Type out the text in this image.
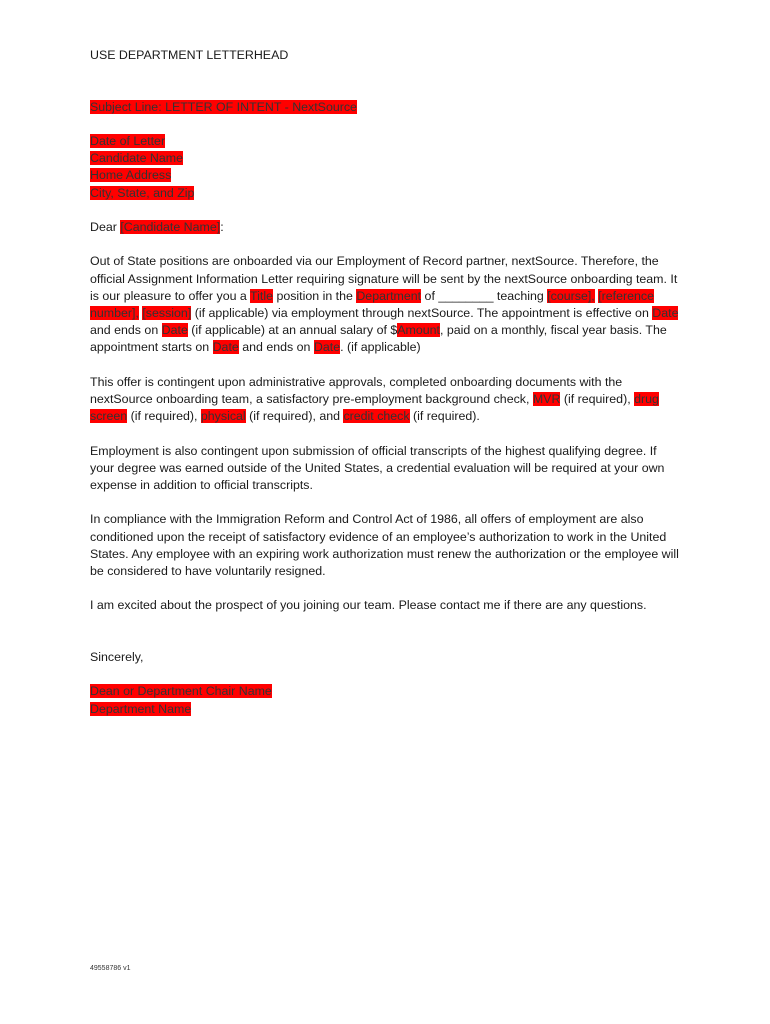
USE DEPARTMENT LETTERHEAD

Subject Line: LETTER OF INTENT - NextSource

Date of Letter
Candidate Name
Home Address
City, State, and Zip

Dear [Candidate Name]:

Out of State positions are onboarded via our Employment of Record partner, nextSource. Therefore, the official Assignment Information Letter requiring signature will be sent by the nextSource onboarding team. It is our pleasure to offer you a Title position in the Department of ________ teaching [course], [reference number], [session] (if applicable) via employment through nextSource. The appointment is effective on Date and ends on Date (if applicable) at an annual salary of $Amount, paid on a monthly, fiscal year basis. The appointment starts on Date and ends on Date. (if applicable)

This offer is contingent upon administrative approvals, completed onboarding documents with the nextSource onboarding team, a satisfactory pre-employment background check, MVR (if required), drug screen (if required), physical (if required), and credit check (if required).

Employment is also contingent upon submission of official transcripts of the highest qualifying degree. If your degree was earned outside of the United States, a credential evaluation will be required at your own expense in addition to official transcripts.

In compliance with the Immigration Reform and Control Act of 1986, all offers of employment are also conditioned upon the receipt of satisfactory evidence of an employee’s authorization to work in the United States. Any employee with an expiring work authorization must renew the authorization or the employee will be considered to have voluntarily resigned.

I am excited about the prospect of you joining our team. Please contact me if there are any questions.

Sincerely,

Dean or Department Chair Name
Department Name

49558786 v1
